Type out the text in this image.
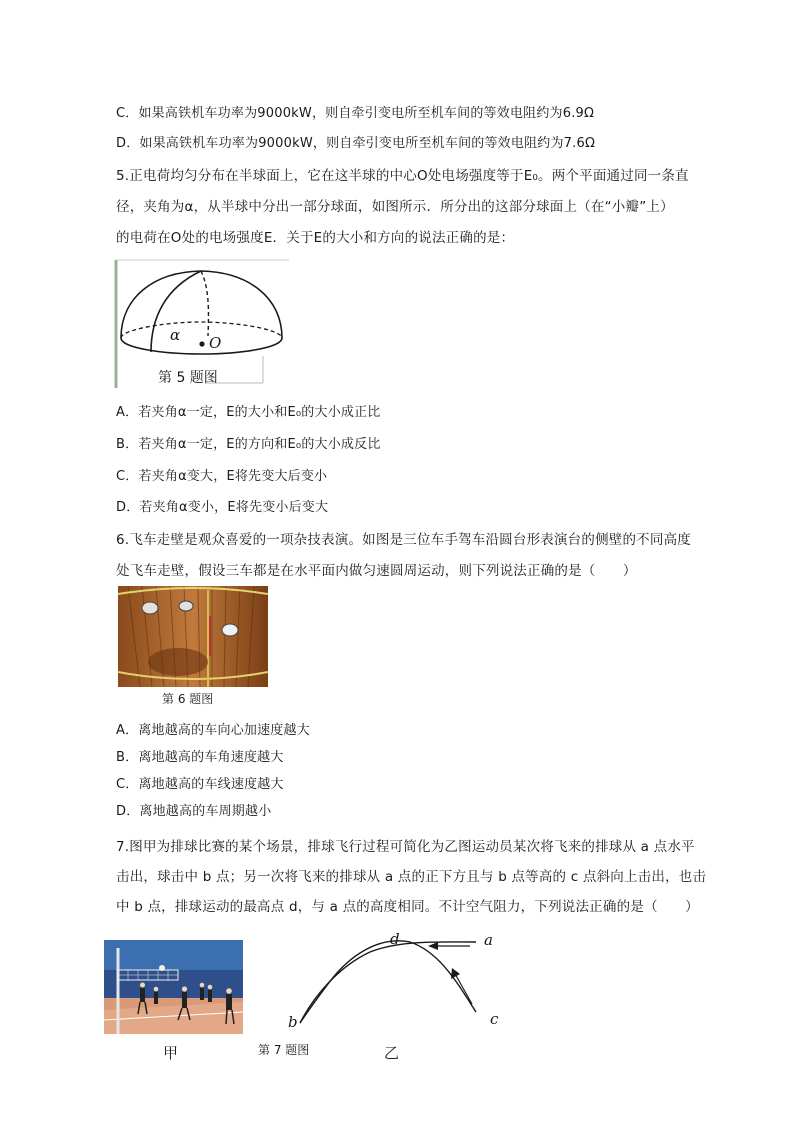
C．如果高铁机车功率为9000kW，则自牵引变电所至机车间的等效电阻约为6.9Ω
D．如果高铁机车功率为9000kW，则自牵引变电所至机车间的等效电阻约为7.6Ω
5.正电荷均匀分布在半球面上，它在这半球的中心O处电场强度等于E₀。两个平面通过同一条直
径，夹角为α，从半球中分出一部分球面，如图所示．所分出的这部分球面上（在“小瓣”上）
的电荷在O处的电场强度E．关于E的大小和方向的说法正确的是：
α O
第 5 题图
A．若夹角α一定，E的大小和E₀的大小成正比
B．若夹角α一定，E的方向和E₀的大小成反比
C．若夹角α变大，E将先变大后变小
D．若夹角α变小，E将先变小后变大
6.飞车走壁是观众喜爱的一项杂技表演。如图是三位车手驾车沿圆台形表演台的侧壁的不同高度
处飞车走壁，假设三车都是在水平面内做匀速圆周运动，则下列说法正确的是（　　）
第 6 题图
A．离地越高的车向心加速度越大
B．离地越高的车角速度越大
C．离地越高的车线速度越大
D．离地越高的车周期越小
7.图甲为排球比赛的某个场景，排球飞行过程可简化为乙图运动员某次将飞来的排球从 a 点水平
击出，球击中 b 点；另一次将飞来的排球从 a 点的正下方且与 b 点等高的 c 点斜向上击出，也击
中 b 点，排球运动的最高点 d，与 a 点的高度相同。不计空气阻力，下列说法正确的是（　　）
甲	第 7 题图	乙
a
d
b	c
